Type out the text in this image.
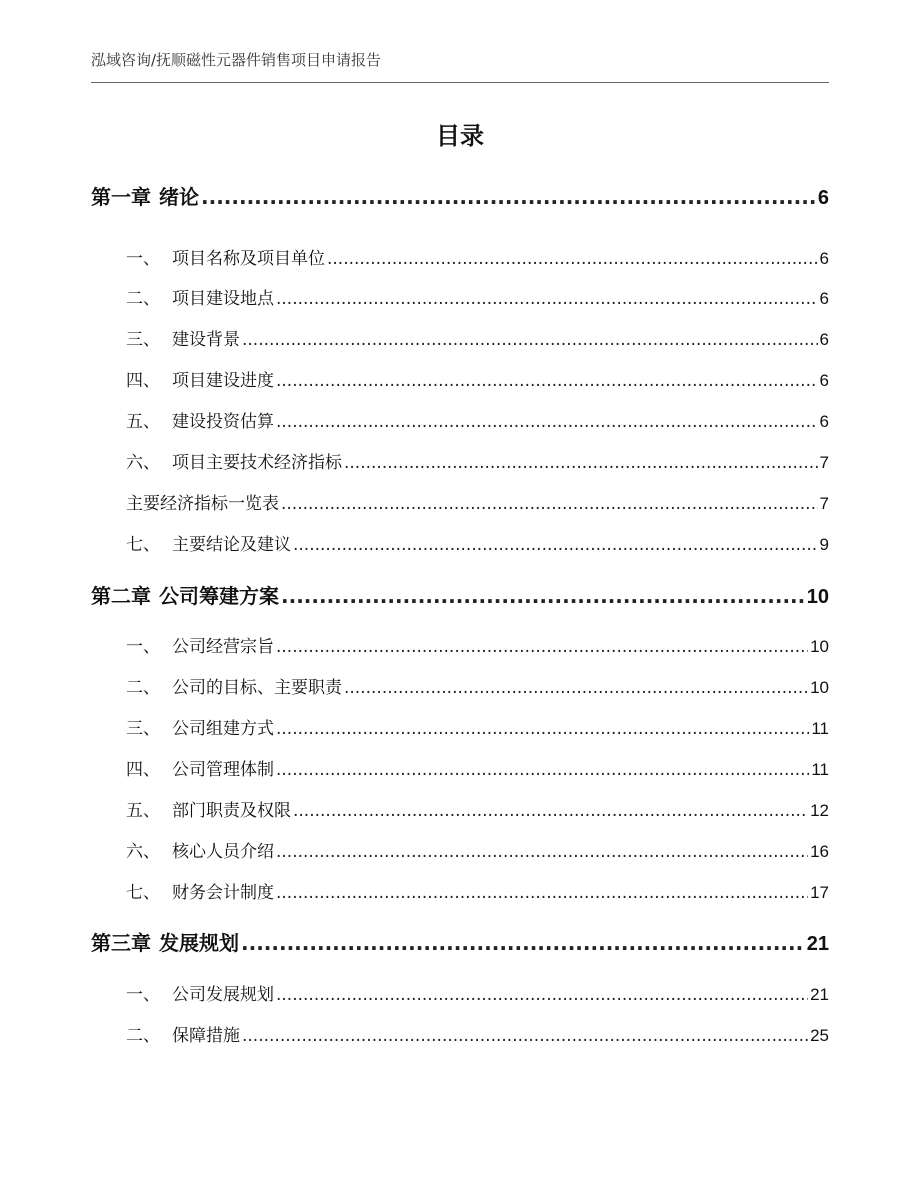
泓域咨询/抚顺磁性元器件销售项目申请报告
目录
第一章 绪论 .....	6
一、 项目名称及项目单位 .....	6
二、 项目建设地点 .....	6
三、 建设背景 .....	6
四、 项目建设进度 .....	6
五、 建设投资估算 .....	6
六、 项目主要技术经济指标 .....	7
主要经济指标一览表 .....	7
七、 主要结论及建议 .....	9
第二章 公司筹建方案 .....	10
一、 公司经营宗旨 .....	10
二、 公司的目标、主要职责 .....	10
三、 公司组建方式 .....	11
四、 公司管理体制 .....	11
五、 部门职责及权限 .....	12
六、 核心人员介绍 .....	16
七、 财务会计制度 .....	17
第三章 发展规划 .....	21
一、 公司发展规划 .....	21
二、 保障措施 .....	25
